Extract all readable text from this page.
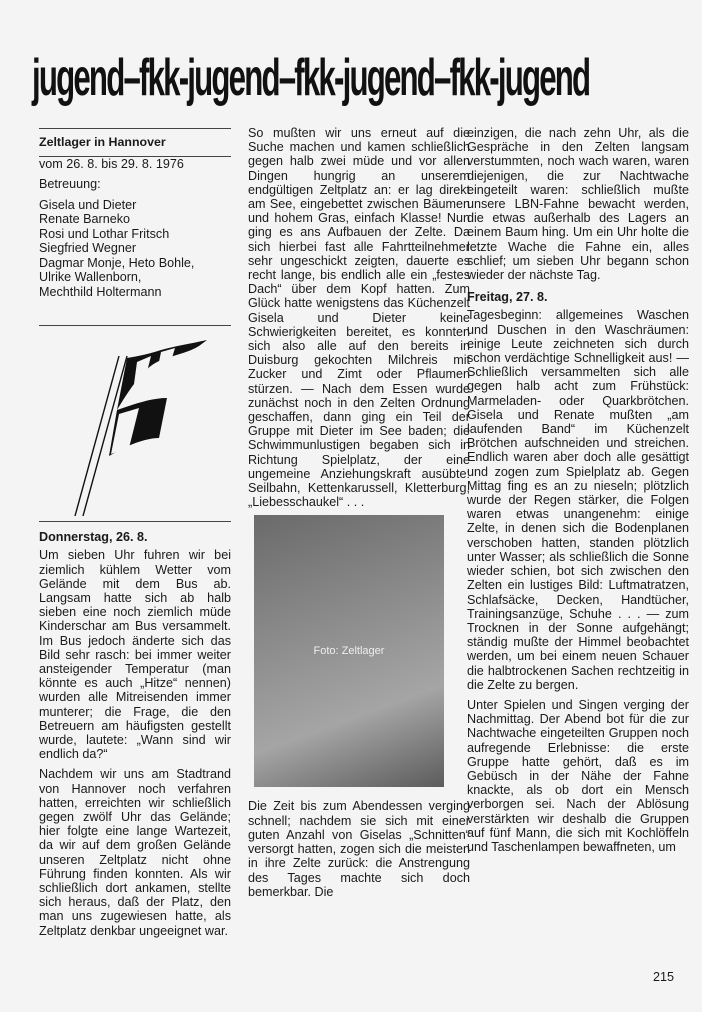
jugend–fkk-jugend–fkk-jugend–fkk-jugend
Zeltlager in Hannover

vom 26. 8. bis 29. 8. 1976

Betreuung:

Gisela und Dieter
Renate Barneko
Rosi und Lothar Fritsch
Siegfried Wegner
Dagmar Monje, Heto Bohle,
Ulrike Wallenborn,
Mechthild Holtermann
Donnerstag, 26. 8.

Um sieben Uhr fuhren wir bei ziemlich kühlem Wetter vom Gelände mit dem Bus ab. Langsam hatte sich ab halb sieben eine noch ziemlich müde Kinderschar am Bus versammelt. Im Bus jedoch änderte sich das Bild sehr rasch: bei immer weiter ansteigender Temperatur (man könnte es auch „Hitze“ nennen) wurden alle Mitreisenden immer munterer; die Frage, die den Betreuern am häufigsten gestellt wurde, lautete: „Wann sind wir endlich da?“

Nachdem wir uns am Stadtrand von Hannover noch verfahren hatten, erreichten wir schließlich gegen zwölf Uhr das Gelände; hier folgte eine lange Wartezeit, da wir auf dem großen Gelände unseren Zeltplatz nicht ohne Führung finden konnten. Als wir schließlich dort ankamen, stellte sich heraus, daß der Platz, den man uns zugewiesen hatte, als Zeltplatz denkbar ungeeignet war.

So mußten wir uns erneut auf die Suche machen und kamen schließlich gegen halb zwei müde und vor allen Dingen hungrig an unserem endgültigen Zeltplatz an: er lag direkt am See, eingebettet zwischen Bäumen und hohem Gras, einfach Klasse! Nun ging es ans Aufbauen der Zelte. Da sich hierbei fast alle Fahrtteilnehmer sehr ungeschickt zeigten, dauerte es recht lange, bis endlich alle ein „festes Dach“ über dem Kopf hatten. Zum Glück hatte wenigstens das Küchenzelt Gisela und Dieter keine Schwierigkeiten bereitet, es konnten sich also alle auf den bereits in Duisburg gekochten Milchreis mit Zucker und Zimt oder Pflaumen stürzen. — Nach dem Essen wurde zunächst noch in den Zelten Ordnung geschaffen, dann ging ein Teil der Gruppe mit Dieter im See baden; die Schwimmunlustigen begaben sich in Richtung Spielplatz, der eine ungemeine Anziehungskraft ausübte: Seilbahn, Kettenkarussell, Kletterburg, „Liebesschaukel“ . . .

Foto: Zeltlager

Die Zeit bis zum Abendessen verging schnell; nachdem sie sich mit einer guten Anzahl von Giselas „Schnitten“ versorgt hatten, zogen sich die meisten in ihre Zelte zurück: die Anstrengung des Tages machte sich doch bemerkbar. Die

einzigen, die nach zehn Uhr, als die Gespräche in den Zelten langsam verstummten, noch wach waren, waren diejenigen, die zur Nachtwache eingeteilt waren: schließlich mußte unsere LBN-Fahne bewacht werden, die etwas außerhalb des Lagers an einem Baum hing. Um ein Uhr holte die letzte Wache die Fahne ein, alles schlief; um sieben Uhr begann schon wieder der nächste Tag.

Freitag, 27. 8.

Tagesbeginn: allgemeines Waschen und Duschen in den Waschräumen: einige Leute zeichneten sich durch schon verdächtige Schnelligkeit aus! — Schließlich versammelten sich alle gegen halb acht zum Frühstück: Marmeladen- oder Quarkbrötchen. Gisela und Renate mußten „am laufenden Band“ im Küchenzelt Brötchen aufschneiden und streichen. Endlich waren aber doch alle gesättigt und zogen zum Spielplatz ab. Gegen Mittag fing es an zu nieseln; plötzlich wurde der Regen stärker, die Folgen waren etwas unangenehm: einige Zelte, in denen sich die Bodenplanen verschoben hatten, standen plötzlich unter Wasser; als schließlich die Sonne wieder schien, bot sich zwischen den Zelten ein lustiges Bild: Luftmatratzen, Schlafsäcke, Decken, Handtücher, Trainingsanzüge, Schuhe . . . — zum Trocknen in der Sonne aufgehängt; ständig mußte der Himmel beobachtet werden, um bei einem neuen Schauer die halbtrockenen Sachen rechtzeitig in die Zelte zu bergen.

Unter Spielen und Singen verging der Nachmittag. Der Abend bot für die zur Nachtwache eingeteilten Gruppen noch aufregende Erlebnisse: die erste Gruppe hatte gehört, daß es im Gebüsch in der Nähe der Fahne knackte, als ob dort ein Mensch verborgen sei. Nach der Ablösung verstärkten wir deshalb die Gruppen auf fünf Mann, die sich mit Kochlöffeln und Taschenlampen bewaffneten, um

215
